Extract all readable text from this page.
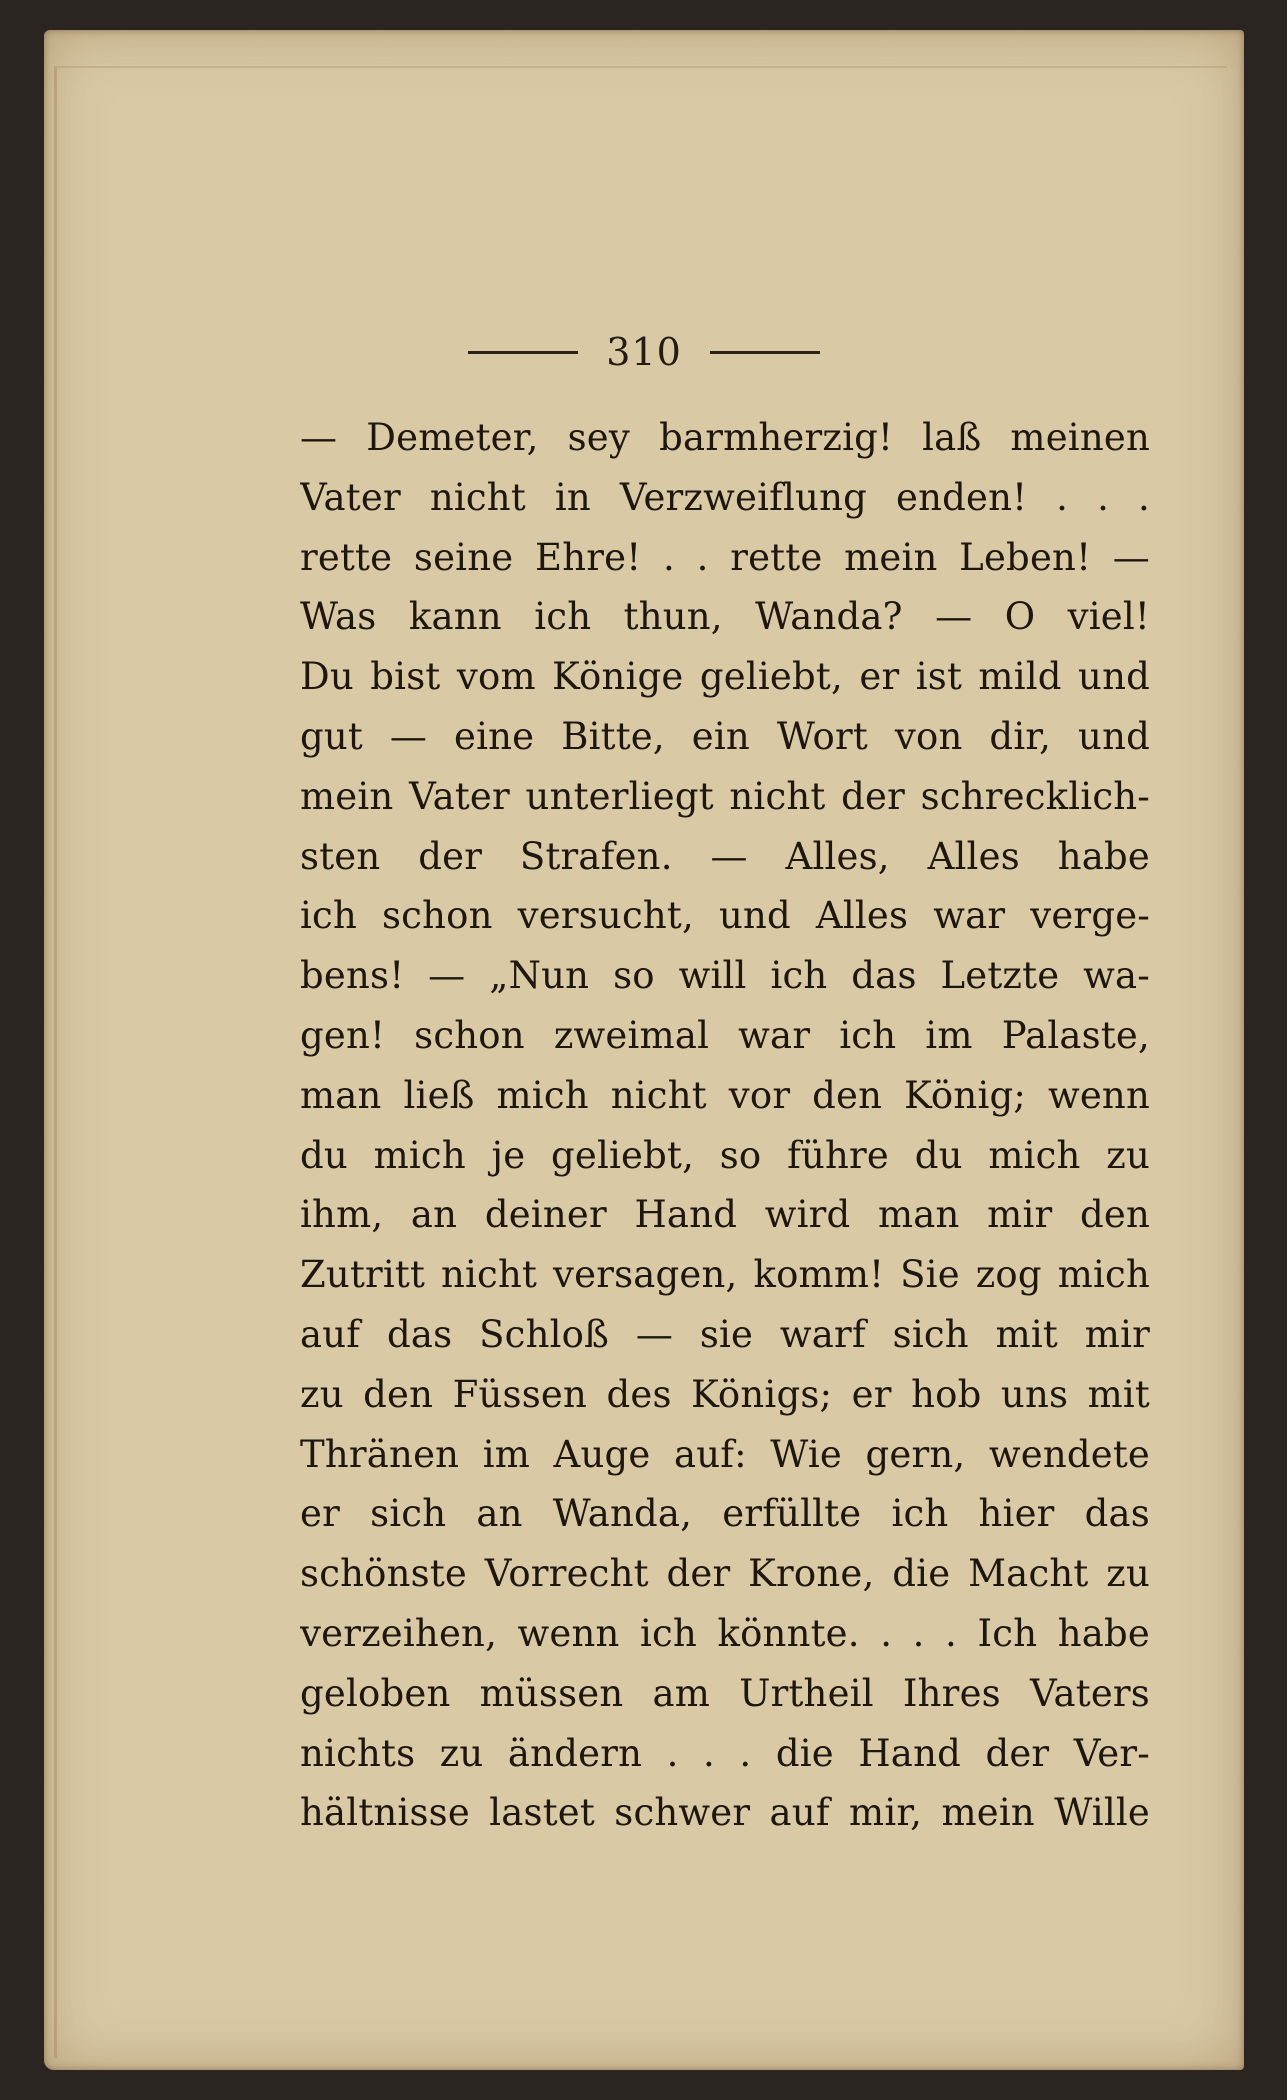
310
— Demeter, sey barmherzig! laß meinen
Vater nicht in Verzweiflung enden! . . .
rette seine Ehre! . . rette mein Leben! —
Was kann ich thun, Wanda? — O viel!
Du bist vom Könige geliebt, er ist mild und
gut — eine Bitte, ein Wort von dir, und
mein Vater unterliegt nicht der schrecklich-
sten der Strafen. — Alles, Alles habe
ich schon versucht, und Alles war verge-
bens! — „Nun so will ich das Letzte wa-
gen! schon zweimal war ich im Palaste,
man ließ mich nicht vor den König; wenn
du mich je geliebt, so führe du mich zu
ihm, an deiner Hand wird man mir den
Zutritt nicht versagen, komm! Sie zog mich
auf das Schloß — sie warf sich mit mir
zu den Füssen des Königs; er hob uns mit
Thränen im Auge auf: Wie gern, wendete
er sich an Wanda, erfüllte ich hier das
schönste Vorrecht der Krone, die Macht zu
verzeihen, wenn ich könnte. . . . Ich habe
geloben müssen am Urtheil Ihres Vaters
nichts zu ändern . . . die Hand der Ver-
hältnisse lastet schwer auf mir, mein Wille
